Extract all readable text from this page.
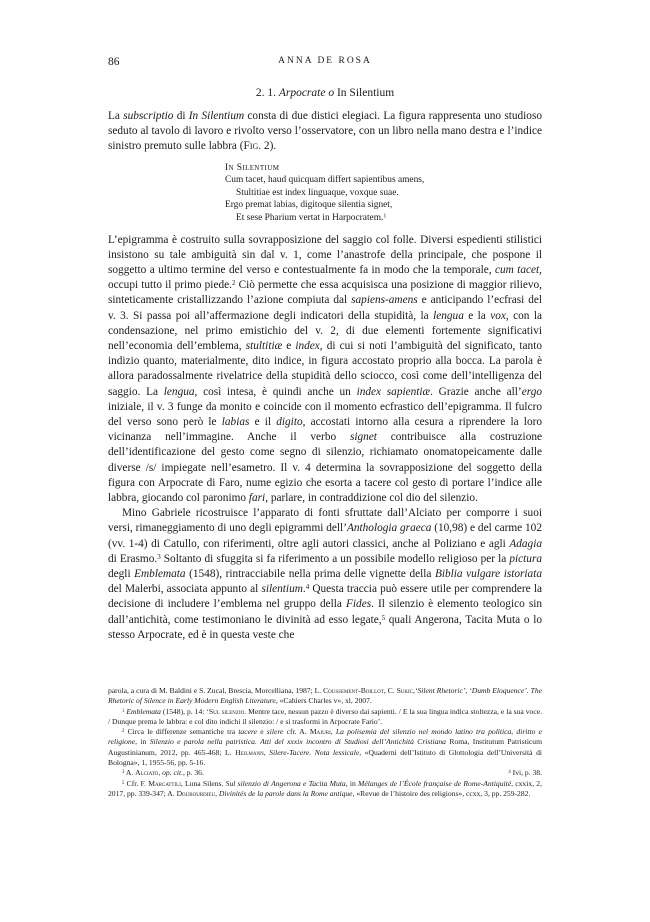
86	ANNA DE ROSA
2. 1. Arpocrate o In Silentium

La subscriptio di In Silentium consta di due distici elegiaci. La figura rappresenta uno studioso seduto al tavolo di lavoro e rivolto verso l’osservatore, con un libro nella mano destra e l’indice sinistro premuto sulle labbra (Fig. 2).

In Silentium
Cum tacet, haud quicquam differt sapientibus amens,
Stultitiae est index linguaque, voxque suae.
Ergo premat labias, digitoque silentia signet,
Et sese Pharium vertat in Harpocratem.$^1$

L’epigramma è costruito sulla sovrapposizione del saggio col folle. Diversi espedienti stilistici insistono su tale ambiguità sin dal v. 1, come l’anastrofe della principale, che pospone il soggetto a ultimo termine del verso e contestualmente fa in modo che la temporale, cum tacet, occupi tutto il primo piede.$^2$ Ciò permette che essa acquisisca una posizione di maggior rilievo, sinteticamente cristallizzando l’azione compiuta dal sapiens-amens e anticipando l’ecfrasi del v. 3. Si passa poi all’affermazione degli indicatori della stupidità, la lengua e la vox, con la condensazione, nel primo emistichio del v. 2, di due elementi fortemente significativi nell’economia dell’emblema, stultitiæ e index, di cui si noti l’ambiguità del significato, tanto indizio quanto, materialmente, dito indice, in figura accostato proprio alla bocca. La parola è allora paradossalmente rivelatrice della stupidità dello sciocco, così come dell’intelligenza del saggio. La lengua, così intesa, è quindi anche un index sapientiæ. Grazie anche all’ergo iniziale, il v. 3 funge da monito e coincide con il momento ecfrastico dell’epigramma. Il fulcro del verso sono però le labias e il digito, accostati intorno alla cesura a riprendere la loro vicinanza nell’immagine. Anche il verbo signet contribuisce alla costruzione dell’identificazione del gesto come segno di silenzio, richiamato onomatopeicamente dalle diverse /s/ impiegate nell’esametro. Il v. 4 determina la sovrapposizione del soggetto della figura con Arpocrate di Faro, nume egizio che esorta a tacere col gesto di portare l’indice alle labbra, giocando col paronimo fari, parlare, in contraddizione col dio del silenzio.

Mino Gabriele ricostruisce l’apparato di fonti sfruttate dall’Alciato per comporre i suoi versi, rimaneggiamento di uno degli epigrammi dell’Anthologia graeca (10,98) e del carme 102 (vv. 1-4) di Catullo, con riferimenti, oltre agli autori classici, anche al Poliziano e agli Adagia di Erasmo.$^3$ Soltanto di sfuggita si fa riferimento a un possibile modello religioso per la pictura degli Emblemata (1548), rintracciabile nella prima delle vignette della Biblia vulgare istoriata del Malerbi, associata appunto al silentium.$^4$ Questa traccia può essere utile per comprendere la decisione di includere l’emblema nel gruppo della Fides. Il silenzio è elemento teologico sin dall’antichità, come testimoniano le divinità ad esso legate,$^5$ quali Angerona, Tacita Muta o lo stesso Arpocrate, ed è in questa veste che

parola, a cura di M. Baldini e S. Zucal, Brescia, Morcelliana, 1987; L. Coussement-Boillot, C. Sukic,‘Silent Rhetoric’, ‘Dumb Eloquence’. The Rhetoric of Silence in Early Modern English Literature, «Cahiers Charles v», xl, 2007.

$^1$ Emblemata (1548), p. 14: ‘Sul silenzio. Mentre tace, nessun pazzo è diverso dai sapienti. / E la sua lingua indica stoltezza, e la sua voce. / Dunque prema le labbra: e col dito indichi il silenzio: / e si trasformi in Arpocrate Fario’.

$^2$ Circa le differenze semantiche tra tacere e silere cfr. A. Majuri, La polisemia del silenzio nel mondo latino tra politica, diritto e religione, in Silenzio e parola nella patristica. Atti del xxxix incontro di Studiosi dell’Antichità Cristiana Roma, Institutum Patristicum Augustinianum, 2012, pp. 465-468; L. Heilmann, Silere-Tacere. Nota lessicale, «Quaderni dell’Istituto di Glottologia dell’Università di Bologna», 1, 1955-56, pp. 5-16.

$^3$ A. Alciato, op. cit., p. 36.	$^4$ Ivi, p. 38.

$^5$ Cfr. F. Marcattili, Luna Silens. Sul silenzio di Angerona e Tacita Muta, in Mélanges de l’École française de Rome-Antiquité, cxxix, 2, 2017, pp. 339-347; A. Doubourdieu, Divinités de la parole dans la Rome antique, «Revue de l’histoire des religions», ccxx, 3, pp. 259-282.
